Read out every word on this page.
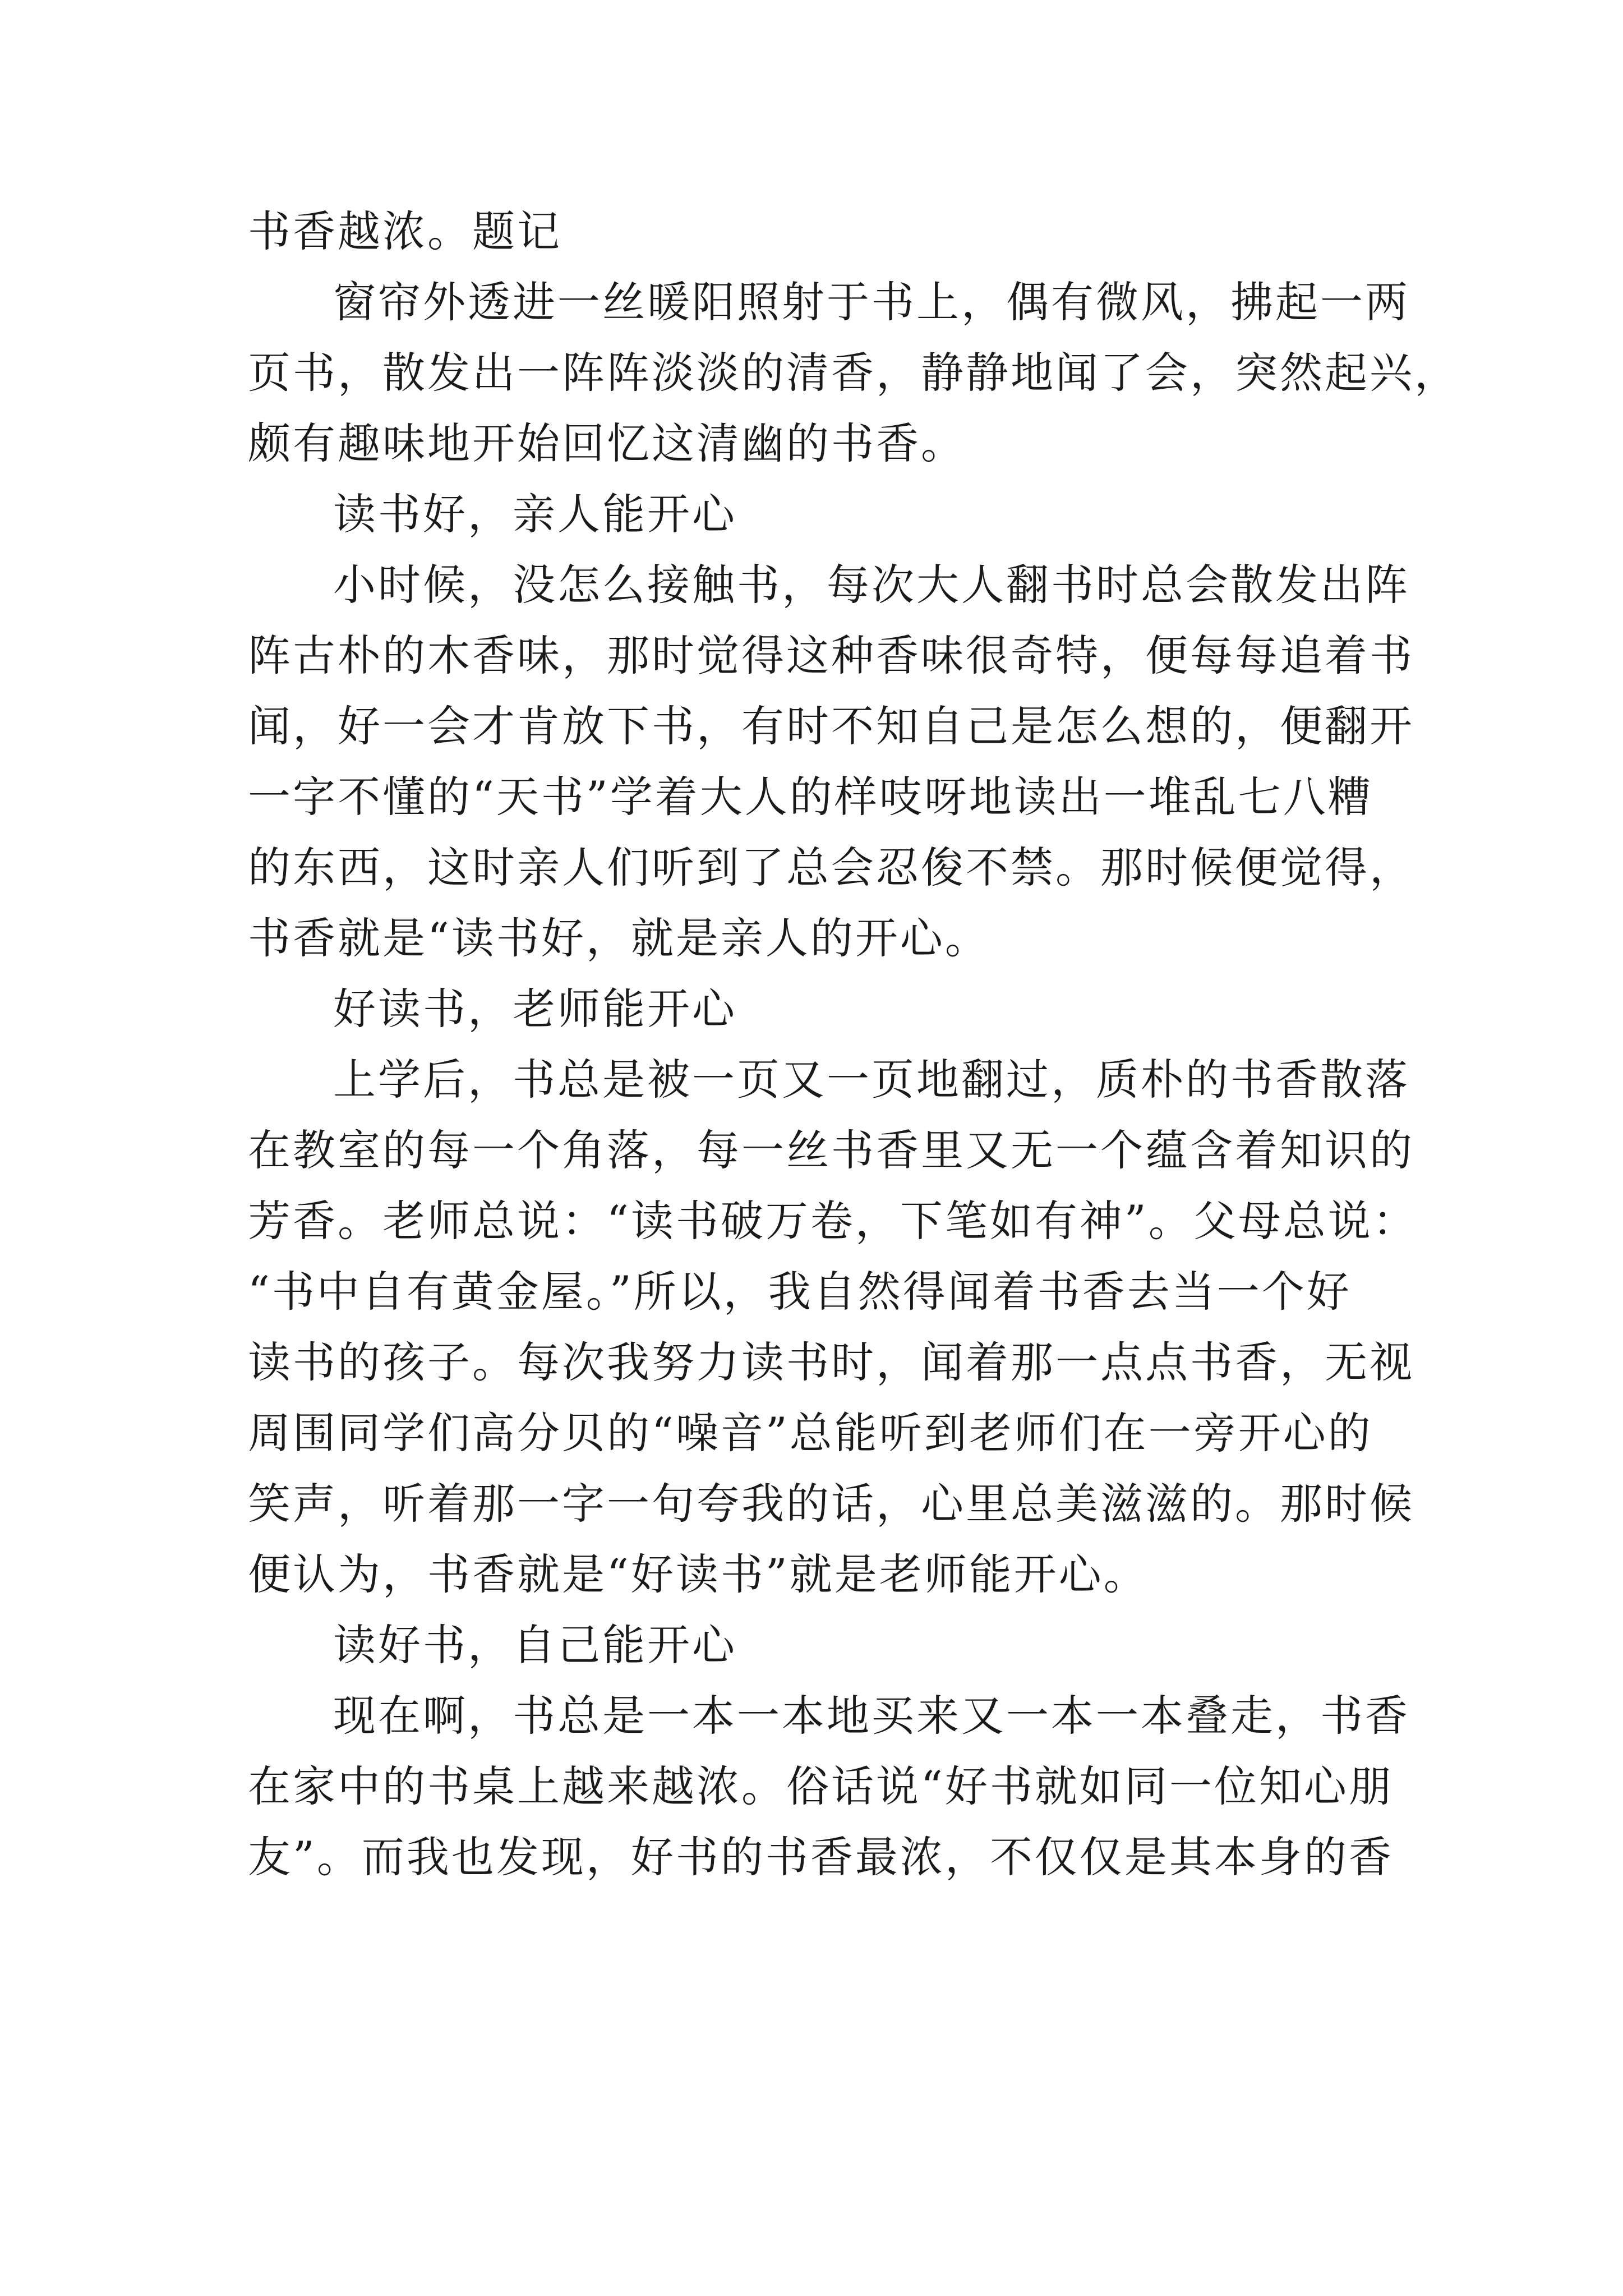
书香越浓。题记
窗帘外透进一丝暖阳照射于书上，偶有微风，拂起一两
页书，散发出一阵阵淡淡的清香，静静地闻了会，突然起兴，
颇有趣味地开始回忆这清幽的书香。
读书好，亲人能开心
小时候，没怎么接触书，每次大人翻书时总会散发出阵
阵古朴的木香味，那时觉得这种香味很奇特，便每每追着书
闻，好一会才肯放下书，有时不知自己是怎么想的，便翻开
一字不懂的“天书”学着大人的样吱呀地读出一堆乱七八糟
的东西，这时亲人们听到了总会忍俊不禁。那时候便觉得，
书香就是“读书好，就是亲人的开心。
好读书，老师能开心
上学后，书总是被一页又一页地翻过，质朴的书香散落
在教室的每一个角落，每一丝书香里又无一个蕴含着知识的
芳香。老师总说：“读书破万卷，下笔如有神”。父母总说：
“书中自有黄金屋。”所以，我自然得闻着书香去当一个好
读书的孩子。每次我努力读书时，闻着那一点点书香，无视
周围同学们高分贝的“噪音”总能听到老师们在一旁开心的
笑声，听着那一字一句夸我的话，心里总美滋滋的。那时候
便认为，书香就是“好读书”就是老师能开心。
读好书，自己能开心
现在啊，书总是一本一本地买来又一本一本叠走，书香
在家中的书桌上越来越浓。俗话说“好书就如同一位知心朋
友”。而我也发现，好书的书香最浓，不仅仅是其本身的香
